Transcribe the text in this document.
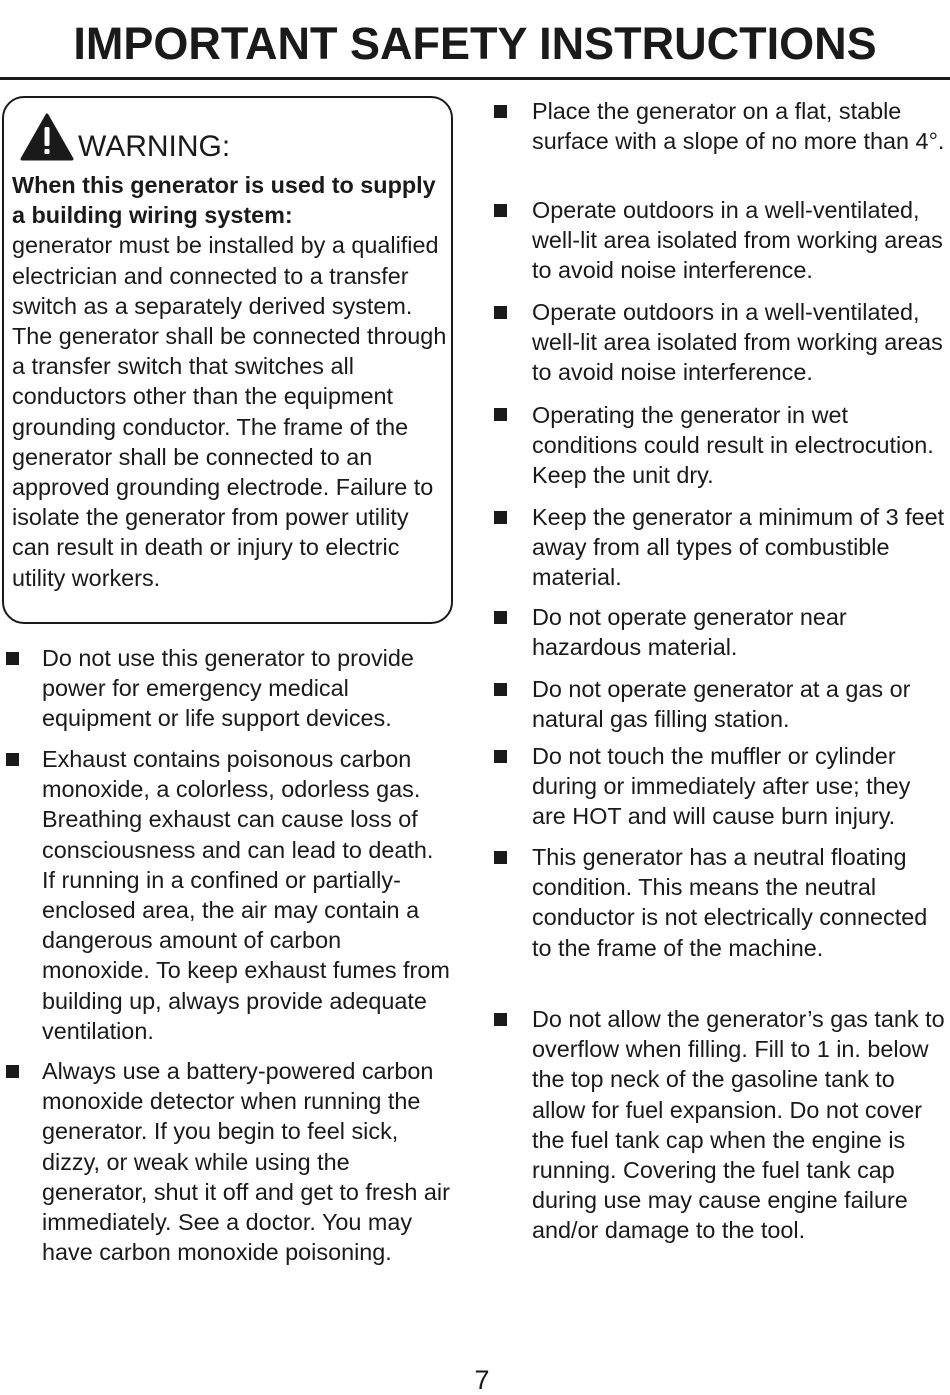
IMPORTANT SAFETY INSTRUCTIONS
WARNING:
When this generator is used to supply a building wiring system:
generator must be installed by a qualified electrician and connected to a transfer switch as a separately derived system. The generator shall be connected through a transfer switch that switches all conductors other than the equipment grounding conductor. The frame of the generator shall be connected to an approved grounding electrode. Failure to isolate the generator from power utility can result in death or injury to electric utility workers.
Do not use this generator to provide power for emergency medical equipment or life support devices.
Exhaust contains poisonous carbon monoxide, a colorless, odorless gas. Breathing exhaust can cause loss of consciousness and can lead to death. If running in a confined or partially-enclosed area, the air may contain a dangerous amount of carbon monoxide. To keep exhaust fumes from building up, always provide adequate ventilation.
Always use a battery-powered carbon monoxide detector when running the generator. If you begin to feel sick, dizzy, or weak while using the generator, shut it off and get to fresh air immediately. See a doctor. You may have carbon monoxide poisoning.
Place the generator on a flat, stable surface with a slope of no more than 4°.
Operate outdoors in a well-ventilated, well-lit area isolated from working areas to avoid noise interference.
Operate outdoors in a well-ventilated, well-lit area isolated from working areas to avoid noise interference.
Operating the generator in wet conditions could result in electrocution. Keep the unit dry.
Keep the generator a minimum of 3 feet away from all types of combustible material.
Do not operate generator near hazardous material.
Do not operate generator at a gas or natural gas filling station.
Do not touch the muffler or cylinder during or immediately after use; they are HOT and will cause burn injury.
This generator has a neutral floating condition. This means the neutral conductor is not electrically connected to the frame of the machine.
Do not allow the generator’s gas tank to overflow when filling. Fill to 1 in. below the top neck of the gasoline tank to allow for fuel expansion. Do not cover the fuel tank cap when the engine is running. Covering the fuel tank cap during use may cause engine failure and/or damage to the tool.
7
